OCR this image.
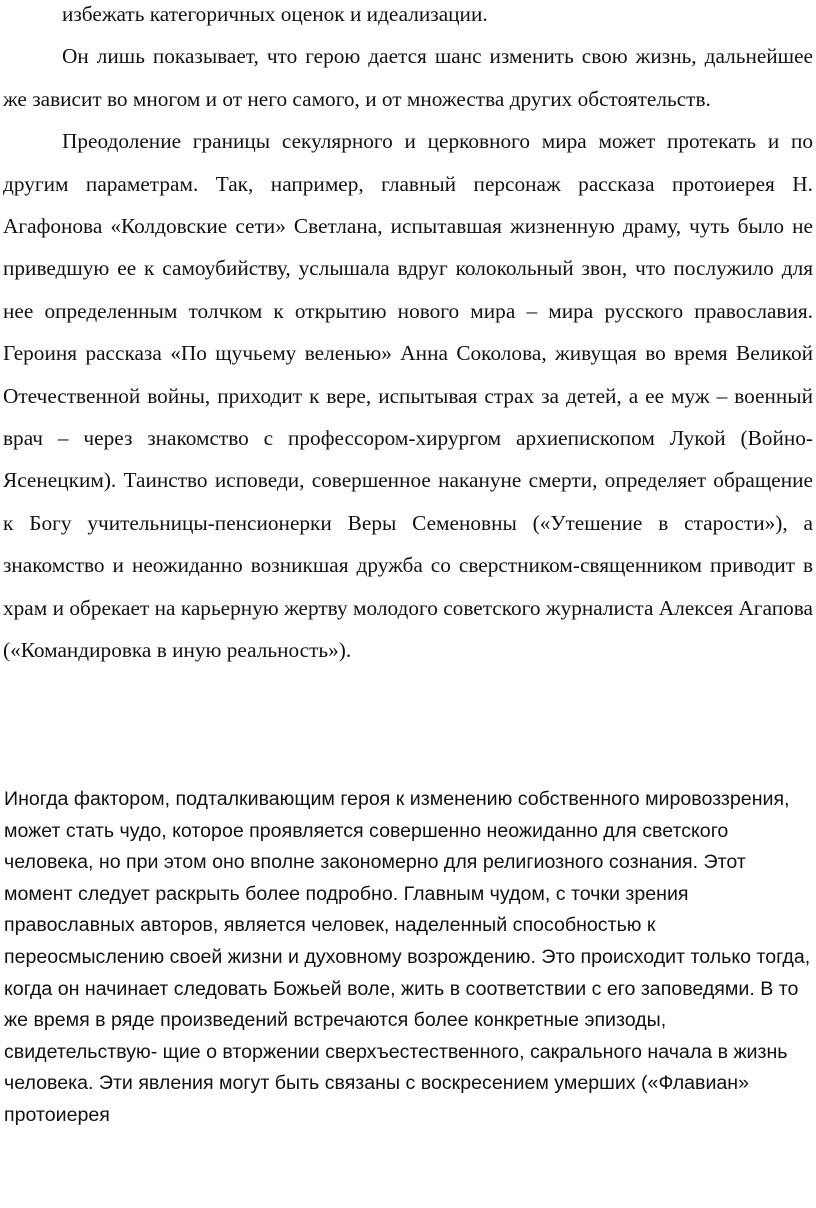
избежать категоричных оценок и идеализации.

Он лишь показывает, что герою дается шанс изменить свою жизнь, дальнейшее же зависит во многом и от него самого, и от множества других обстоятельств.

Преодоление границы секулярного и церковного мира может протекать и по другим параметрам. Так, например, главный персонаж рассказа протоиерея Н. Агафонова «Колдовские сети» Светлана, испытавшая жизненную драму, чуть было не приведшую ее к самоубийству, услышала вдруг колокольный звон, что послужило для нее определенным толчком к открытию нового мира – мира русского православия. Героиня рассказа «По щучьему веленью» Анна Соколова, живущая во время Великой Отечественной войны, приходит к вере, испытывая страх за детей, а ее муж – военный врач – через знакомство с профессором-хирургом архиепископом Лукой (Войно-Ясенецким). Таинство исповеди, совершенное накануне смерти, определяет обращение к Богу учительницы-пенсионерки Веры Семеновны («Утешение в старости»), а знакомство и неожиданно возникшая дружба со сверстником-священником приводит в храм и обрекает на карьерную жертву молодого советского журналиста Алексея Агапова («Командировка в иную реальность»).

Иногда фактором, подталкивающим героя к изменению собственного мировоззрения, может стать чудо, которое проявляется совершенно неожиданно для светского человека, но при этом оно вполне закономерно для религиозного сознания. Этот момент следует раскрыть более подробно. Главным чудом, с точки зрения православных авторов, является человек, наделенный способностью к переосмыслению своей жизни и духовному возрождению. Это происходит только тогда, когда он начинает следовать Божьей воле, жить в соответствии с его заповедями. В то же время в ряде произведений встречаются более конкретные эпизоды, свидетельствую- щие о вторжении сверхъестественного, сакрального начала в жизнь человека. Эти явления могут быть связаны с воскресением умерших («Флавиан» протоиерея
